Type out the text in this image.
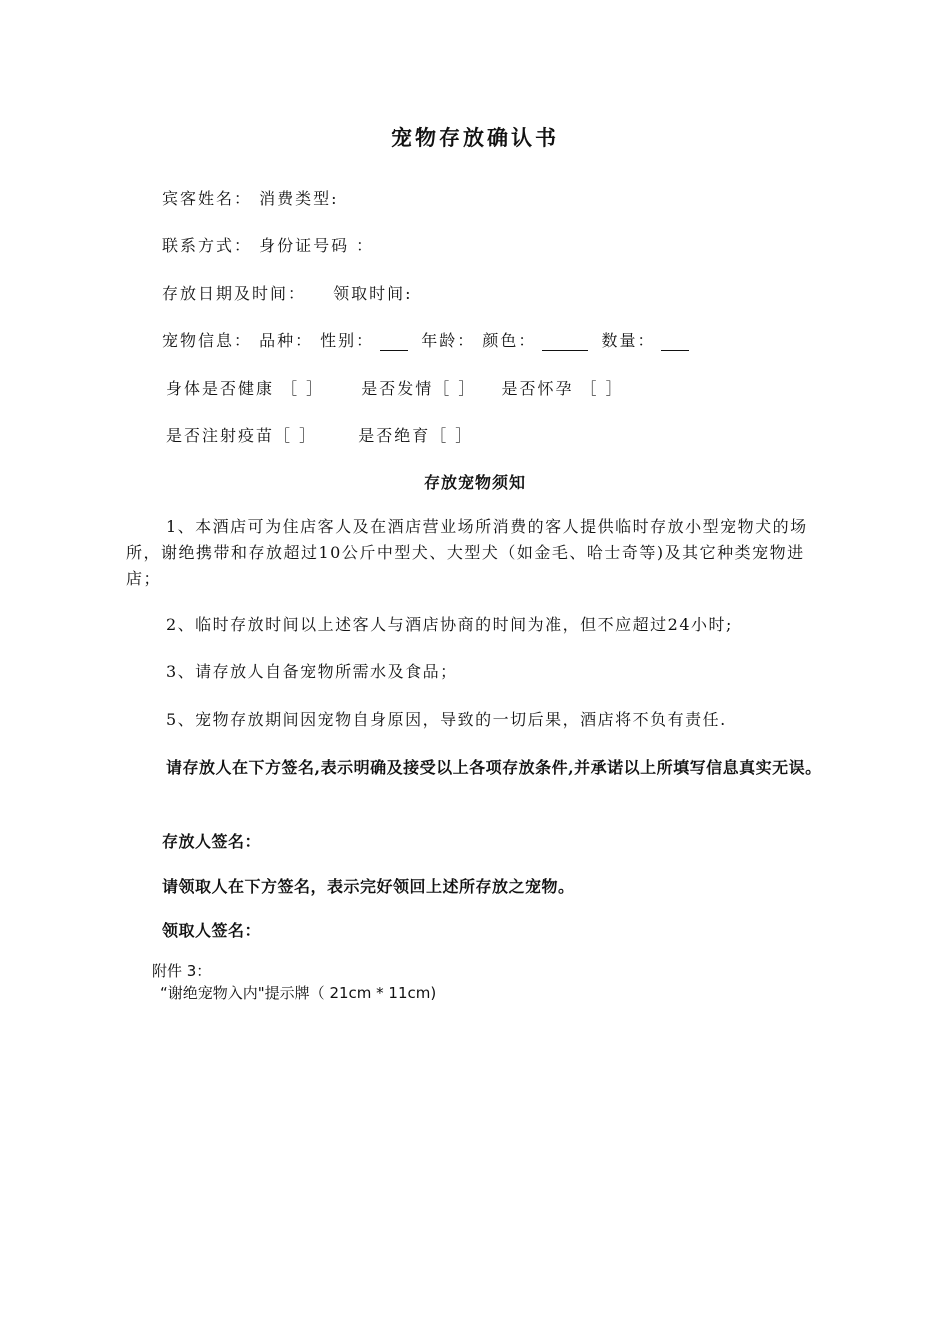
宠物存放确认书
宾客姓名： 消费类型:
联系方式： 身份证号码 ：
存放日期及时间： 领取时间:
宠物信息： 品种： 性别：	年龄： 颜色：	数量：
身体是否健康 ［ ］ 是否发情［ ］ 是否怀孕 ［ ］
是否注射疫苗［ ］	是否绝育［ ］
存放宠物须知
1、本酒店可为住店客人及在酒店营业场所消费的客人提供临时存放小型宠物犬的场所，谢绝携带和存放超过10公斤中型犬、大型犬（如金毛、哈士奇等)及其它种类宠物进店；
2、临时存放时间以上述客人与酒店协商的时间为准，但不应超过24小时;
3、请存放人自备宠物所需水及食品；
5、宠物存放期间因宠物自身原因，导致的一切后果，酒店将不负有责任.
请存放人在下方签名,表示明确及接受以上各项存放条件,并承诺以上所填写信息真实无误。
存放人签名：
请领取人在下方签名，表示完好领回上述所存放之宠物。
领取人签名：
附件 3：
“谢绝宠物入内"提示牌（ 21cm * 11cm)
